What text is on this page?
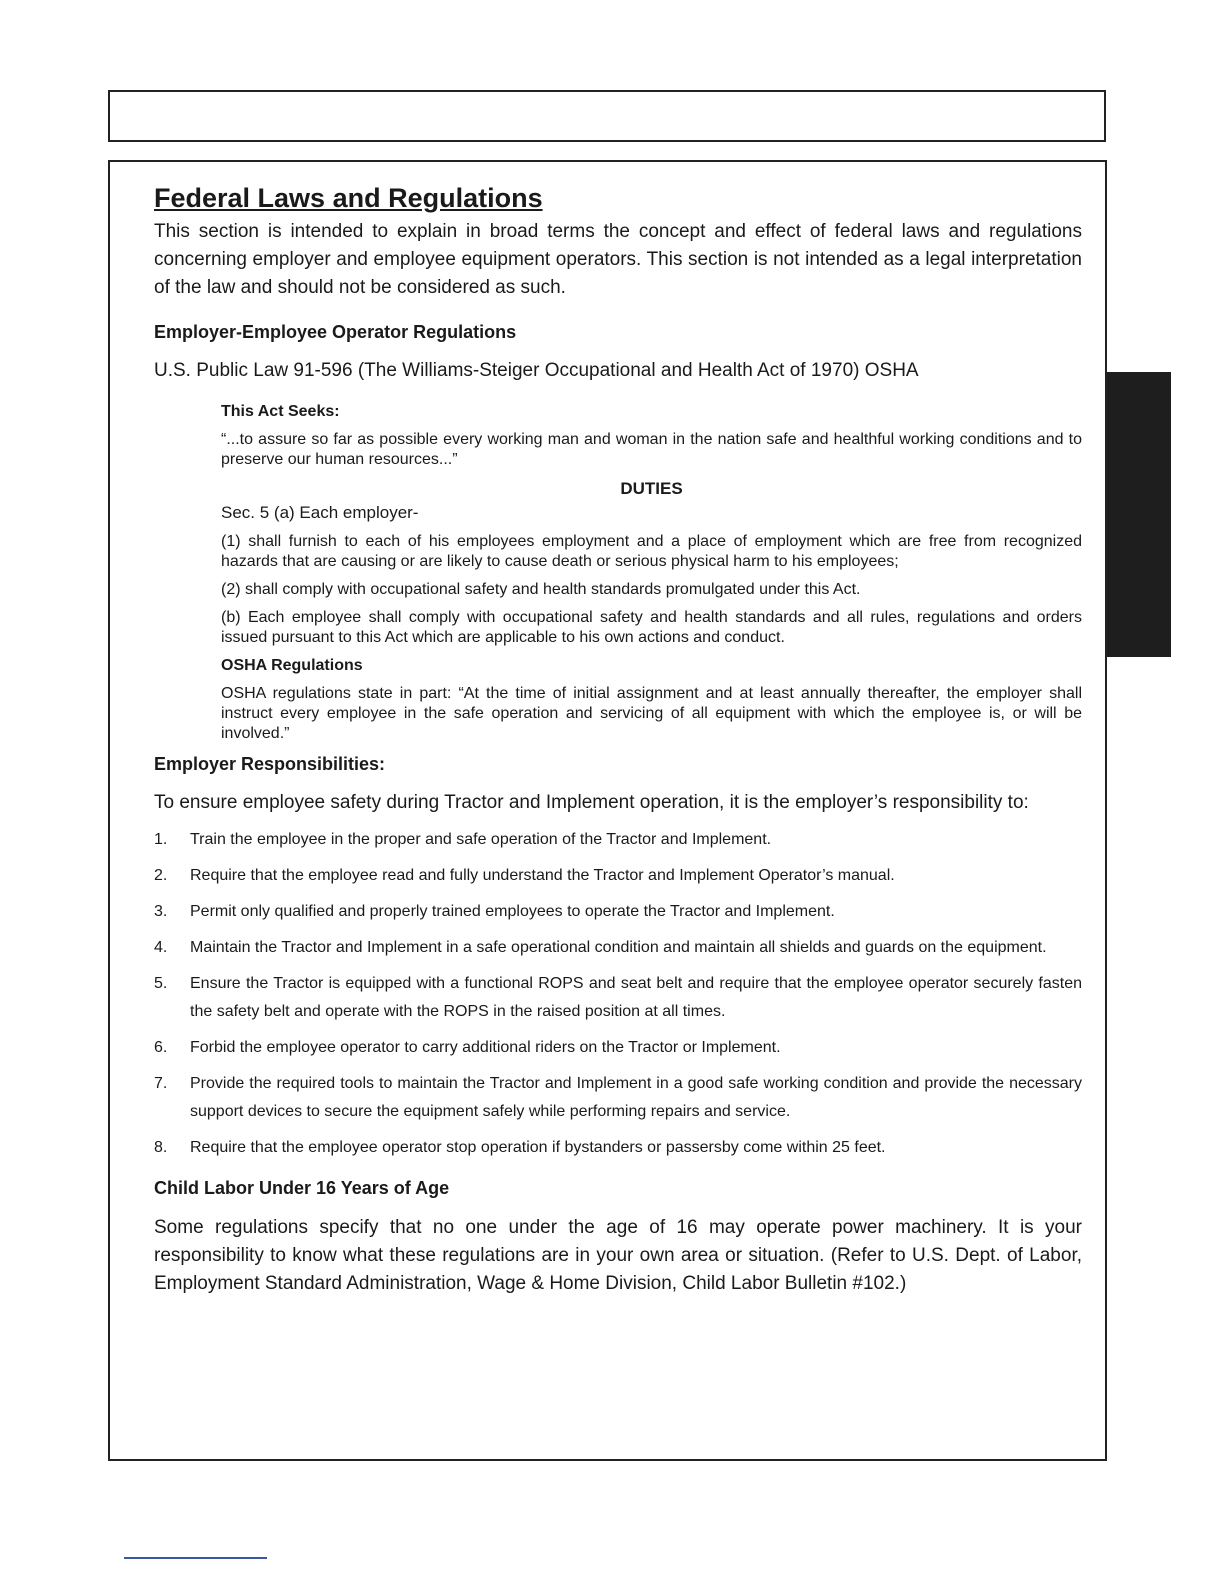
Federal Laws and Regulations

This section is intended to explain in broad terms the concept and effect of federal laws and regulations concerning employer and employee equipment operators. This section is not intended as a legal interpretation of the law and should not be considered as such.

Employer-Employee Operator Regulations
U.S. Public Law 91-596 (The Williams-Steiger Occupational and Health Act of 1970) OSHA
This Act Seeks:

“...to assure so far as possible every working man and woman in the nation safe and healthful working conditions and to preserve our human resources...”

DUTIES
Sec. 5 (a) Each employer-

(1) shall furnish to each of his employees employment and a place of employment which are free from recognized hazards that are causing or are likely to cause death or serious physical harm to his employees;

(2) shall comply with occupational safety and health standards promulgated under this Act.

(b) Each employee shall comply with occupational safety and health standards and all rules, regulations and orders issued pursuant to this Act which are applicable to his own actions and conduct.

OSHA Regulations

OSHA regulations state in part: “At the time of initial assignment and at least annually thereafter, the employer shall instruct every employee in the safe operation and servicing of all equipment with which the employee is, or will be involved.”

Employer Responsibilities:
To ensure employee safety during Tractor and Implement operation, it is the employer’s responsibility to:
1.	Train the employee in the proper and safe operation of the Tractor and Implement.
2.	Require that the employee read and fully understand the Tractor and Implement Operator’s manual.
3.	Permit only qualified and properly trained employees to operate the Tractor and Implement.
4.	Maintain the Tractor and Implement in a safe operational condition and maintain all shields and guards on the equipment.
5.	Ensure the Tractor is equipped with a functional ROPS and seat belt and require that the employee operator securely fasten the safety belt and operate with the ROPS in the raised position at all times.
6.	Forbid the employee operator to carry additional riders on the Tractor or Implement.
7.	Provide the required tools to maintain the Tractor and Implement in a good safe working condition and provide the necessary support devices to secure the equipment safely while performing repairs and service.
8.	Require that the employee operator stop operation if bystanders or passersby come within 25 feet.
Child Labor Under 16 Years of Age

Some regulations specify that no one under the age of 16 may operate power machinery. It is your responsibility to know what these regulations are in your own area or situation. (Refer to U.S. Dept. of Labor, Employment Standard Administration, Wage & Home Division, Child Labor Bulletin #102.)
